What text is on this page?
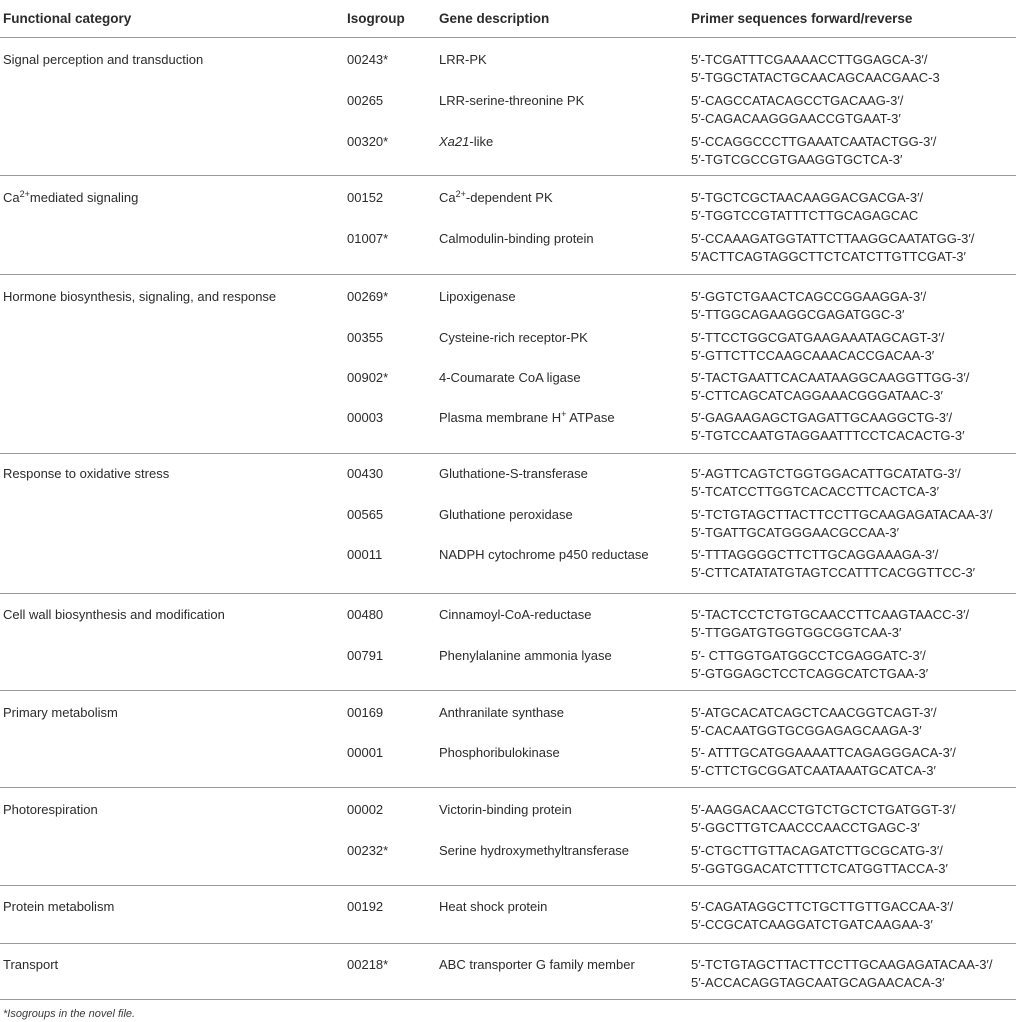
Functional category	Isogroup	Gene description	Primer sequences forward/reverse
Signal perception and transduction	00243*	LRR-PK	5′-TCGATTTCGAAAACCTTGGAGCA-3′/
5′-TGGCTATACTGCAACAGCAACGAAC-3
00265	LRR-serine-threonine PK	5′-CAGCCATACAGCCTGACAAG-3′/
5′-CAGACAAGGGAACCGTGAAT-3′
00320*	Xa21-like	5′-CCAGGCCCTTGAAATCAATACTGG-3′/
5′-TGTCGCCGTGAAGGTGCTCA-3′
$Ca^{2+}mediated$ signaling	00152	$Ca^{2+}$-dependent PK	5′-TGCTCGCTAACAAGGACGACGA-3′/
5′-TGGTCCGTATTTCTTGCAGAGCAC
01007*	Calmodulin-binding protein	5′-CCAAAGATGGTATTCTTAAGGCAATATGG-3′/
5′ACTTCAGTAGGCTTCTCATCTTGTTCGAT-3′
Hormone biosynthesis, signaling, and response	00269*	Lipoxigenase	5′-GGTCTGAACTCAGCCGGAAGGA-3′/
5′-TTGGCAGAAGGCGAGATGGC-3′
00355	Cysteine-rich receptor-PK	5′-TTCCTGGCGATGAAGAAATAGCAGT-3′/
5′-GTTCTTCCAAGCAAACACCGACAA-3′
00902*	4-Coumarate CoA ligase	5′-TACTGAATTCACAATAAGGCAAGGTTGG-3′/
5′-CTTCAGCATCAGGAAACGGGATAAC-3′
00003	Plasma membrane H+ ATPase	5′-GAGAAGAGCTGAGATTGCAAGGCTG-3′/
5′-TGTCCAATGTAGGAATTTCCTCACACTG-3′
Response to oxidative stress	00430	Gluthatione-S-transferase	5′-AGTTCAGTCTGGTGGACATTGCATATG-3′/
5′-TCATCCTTGGTCACACCTTCACTCA-3′
00565	Gluthatione peroxidase	5′-TCTGTAGCTTACTTCCTTGCAAGAGATACAA-3′/
5′-TGATTGCATGGGAACGCCAA-3′
00011	NADPH cytochrome p450 reductase	5′-TTTAGGGGCTTCTTGCAGGAAAGA-3′/
5′-CTTCATATATGTAGTCCATTTCACGGTTCC-3′
Cell wall biosynthesis and modification	00480	Cinnamoyl-CoA-reductase	5′-TACTCCTCTGTGCAACCTTCAAGTAACC-3′/
5′-TTGGATGTGGTGGCGGTCAA-3′
00791	Phenylalanine ammonia lyase	5′- CTTGGTGATGGCCTCGAGGATC-3′/
5′-GTGGAGCTCCTCAGGCATCTGAA-3′
Primary metabolism	00169	Anthranilate synthase	5′-ATGCACATCAGCTCAACGGTCAGT-3′/
5′-CACAATGGTGCGGAGAGCAAGA-3′
00001	Phosphoribulokinase	5′- ATTTGCATGGAAAATTCAGAGGGACA-3′/
5′-CTTCTGCGGATCAATAAATGCATCA-3′
Photorespiration	00002	Victorin-binding protein	5′-AAGGACAACCTGTCTGCTCTGATGGT-3′/
5′-GGCTTGTCAACCCAACCTGAGC-3′
00232*	Serine hydroxymethyltransferase	5′-CTGCTTGTTACAGATCTTGCGCATG-3′/
5′-GGTGGACATCTTTCTCATGGTTACCA-3′
Protein metabolism	00192	Heat shock protein	5′-CAGATAGGCTTCTGCTTGTTGACCAA-3′/
5′-CCGCATCAAGGATCTGATCAAGAA-3′
Transport	00218*	ABC transporter G family member	5′-TCTGTAGCTTACTTCCTTGCAAGAGATACAA-3′/
5′-ACCACAGGTAGCAATGCAGAACACA-3′
*Isogroups in the novel file.
